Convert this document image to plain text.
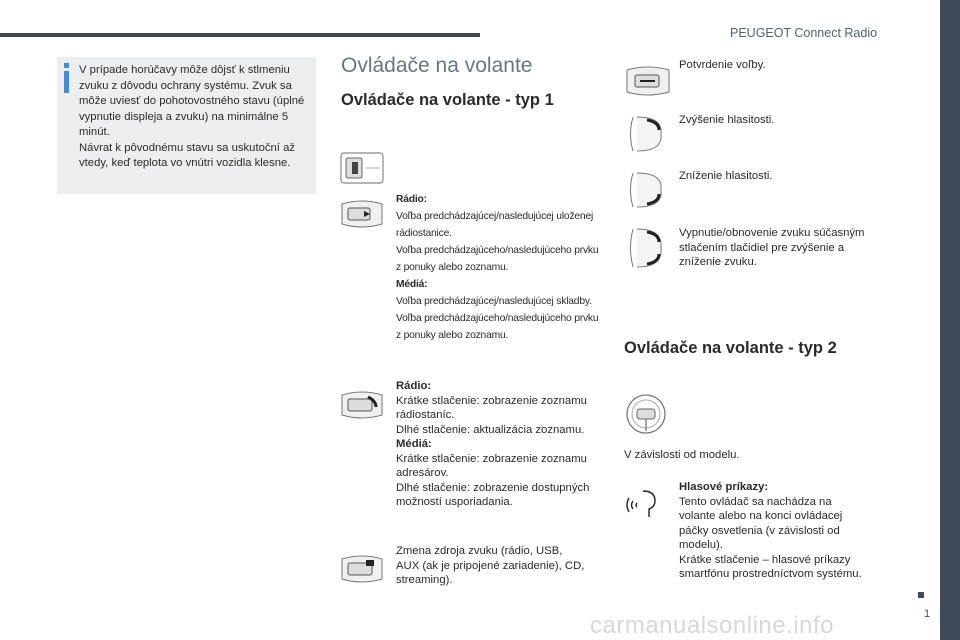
PEUGEOT Connect Radio
1
V prípade horúčavy môže dôjsť k stlmeniu zvuku z dôvodu ochrany systému. Zvuk sa môže uviesť do pohotovostného stavu (úplné vypnutie displeja a zvuku) na minimálne 5 minút.
Návrat k pôvodnému stavu sa uskutoční až vtedy, keď teplota vo vnútri vozidla klesne.
Ovládače na volante
Ovládače na volante - typ 1
Rádio:
Voľba predchádzajúcej/nasledujúcej uloženej rádiostanice.
Voľba predchádzajúceho/nasledujúceho prvku z ponuky alebo zoznamu.
Médiá:
Voľba predchádzajúcej/nasledujúcej skladby.
Voľba predchádzajúceho/nasledujúceho prvku z ponuky alebo zoznamu.
Rádio:
Krátke stlačenie: zobrazenie zoznamu rádiostaníc.
Dlhé stlačenie: aktualizácia zoznamu.
Médiá:
Krátke stlačenie: zobrazenie zoznamu adresárov.
Dlhé stlačenie: zobrazenie dostupných možností usporiadania.
Zmena zdroja zvuku (rádio, USB, AUX (ak je pripojené zariadenie), CD, streaming).
Potvrdenie voľby.
Zvýšenie hlasitosti.
Zníženie hlasitosti.
Vypnutie/obnovenie zvuku súčasným stlačením tlačidiel pre zvýšenie a zníženie zvuku.
Ovládače na volante - typ 2
V závislosti od modelu.
Hlasové príkazy:
Tento ovládač sa nachádza na volante alebo na konci ovládacej páčky osvetlenia (v závislosti od modelu).
Krátke stlačenie – hlasové príkazy smartfónu prostredníctvom systému.
carmanualsonline.info
